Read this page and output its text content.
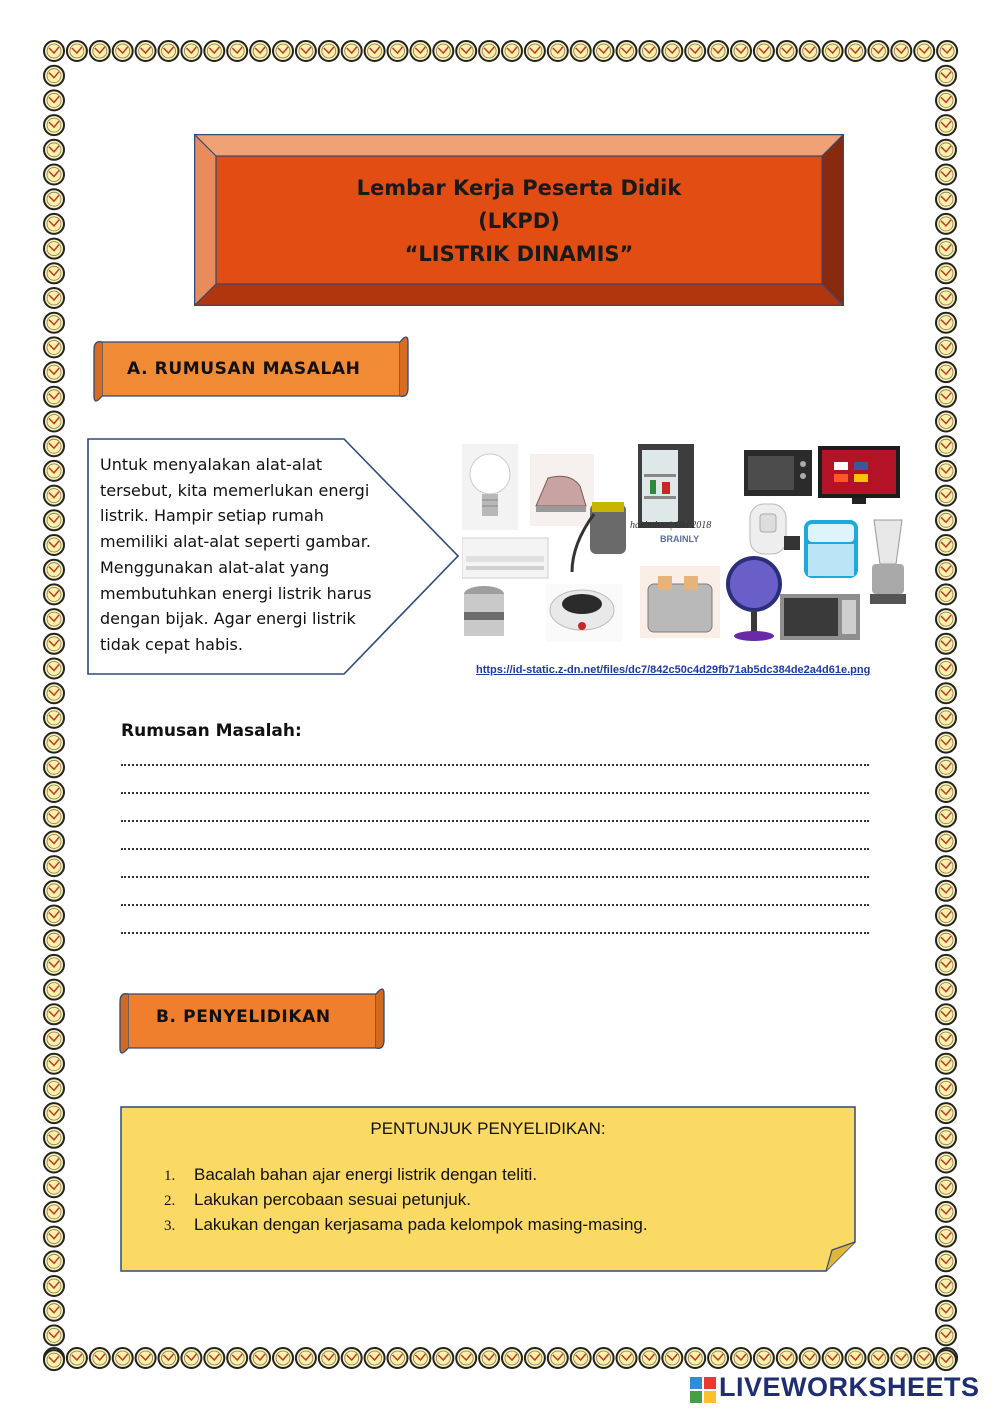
Lembar Kerja Peserta Didik
(LKPD)
“LISTRIK DINAMIS”
A. RUMUSAN MASALAH
Untuk menyalakan alat-alat tersebut, kita memerlukan energi listrik. Hampir setiap rumah memiliki alat-alat seperti gambar. Menggunakan alat-alat yang membutuhkan energi listrik harus dengan bijak. Agar energi listrik tidak cepat habis.
hakimium| Okt'2018
BRAINLY
https://id-static.z-dn.net/files/dc7/842c50c4d29fb71ab5dc384de2a4d61e.png
Rumusan Masalah:
B. PENYELIDIKAN
PENTUNJUK PENYELIDIKAN:
1. Bacalah bahan ajar energi listrik dengan teliti.
2. Lakukan percobaan sesuai petunjuk.
3. Lakukan dengan kerjasama pada kelompok masing-masing.
LIVEWORKSHEETS
